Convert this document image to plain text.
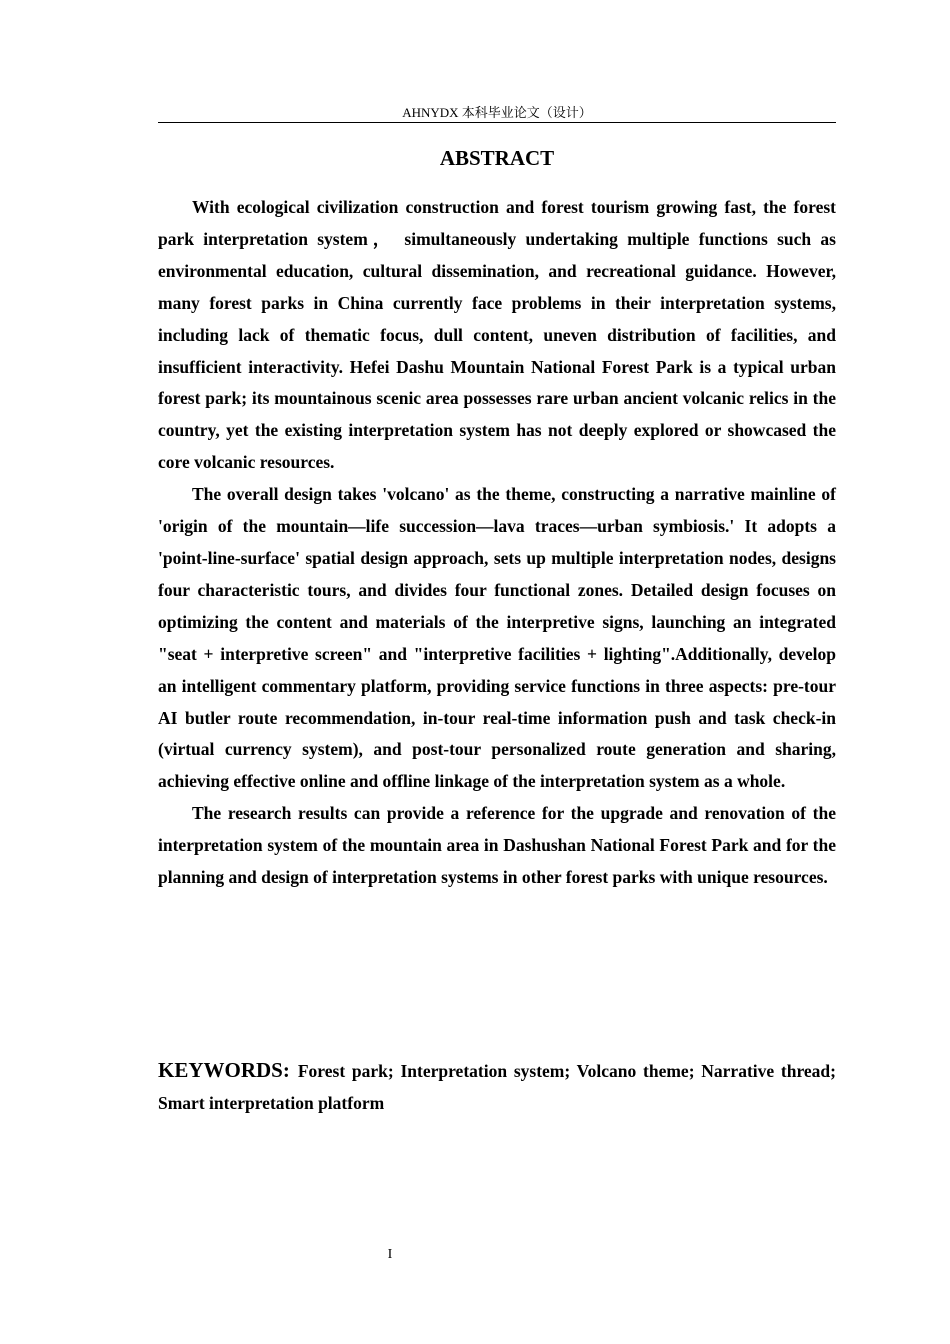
AHNYDX 本科毕业论文（设计）
ABSTRACT

With ecological civilization construction and forest tourism growing fast, the forest park interpretation system， simultaneously undertaking multiple functions such as environmental education, cultural dissemination, and recreational guidance. However, many forest parks in China currently face problems in their interpretation systems, including lack of thematic focus, dull content, uneven distribution of facilities, and insufficient interactivity. Hefei Dashu Mountain National Forest Park is a typical urban forest park; its mountainous scenic area possesses rare urban ancient volcanic relics in the country, yet the existing interpretation system has not deeply explored or showcased the core volcanic resources.

The overall design takes 'volcano' as the theme, constructing a narrative mainline of 'origin of the mountain—life succession—lava traces—urban symbiosis.' It adopts a 'point-line-surface' spatial design approach, sets up multiple interpretation nodes, designs four characteristic tours, and divides four functional zones. Detailed design focuses on optimizing the content and materials of the interpretive signs, launching an integrated "seat + interpretive screen" and "interpretive facilities + lighting".Additionally, develop an intelligent commentary platform, providing service functions in three aspects: pre-tour AI butler route recommendation, in-tour real-time information push and task check-in (virtual currency system), and post-tour personalized route generation and sharing, achieving effective online and offline linkage of the interpretation system as a whole.

The research results can provide a reference for the upgrade and renovation of the interpretation system of the mountain area in Dashushan National Forest Park and for the planning and design of interpretation systems in other forest parks with unique resources.

KEYWORDS: Forest park; Interpretation system; Volcano theme; Narrative thread; Smart interpretation platform
I
